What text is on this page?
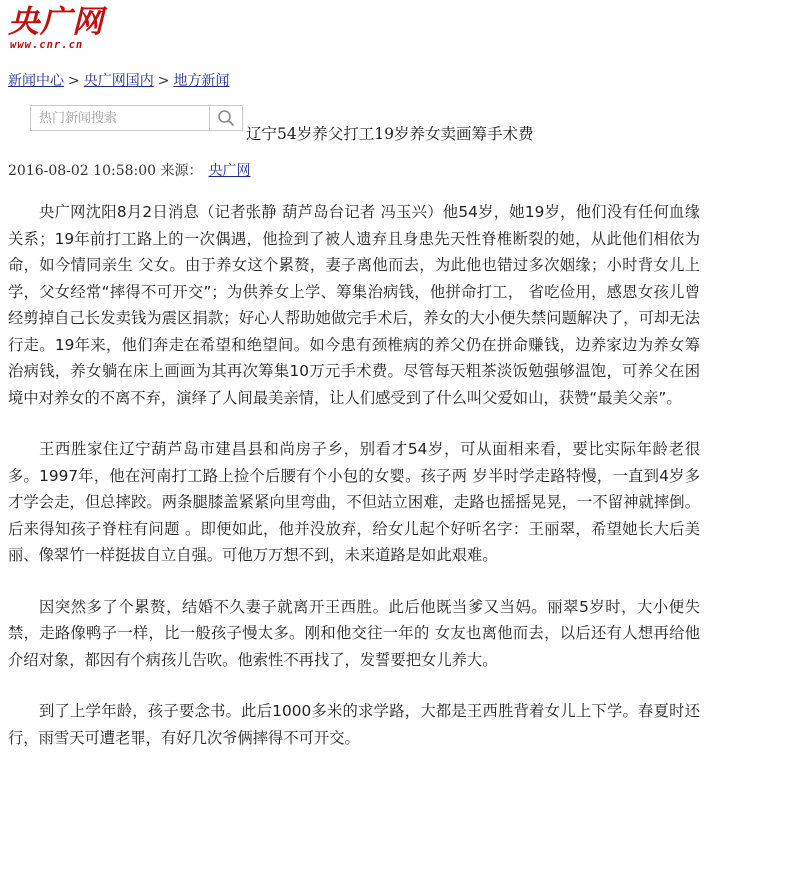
央广网
www.cnr.cn
新闻中心 > 央广网国内 > 地方新闻
热门新闻搜索
辽宁54岁养父打工19岁养女卖画筹手术费
2016-08-02 10:58:00 来源： 央广网

央广网沈阳8月2日消息（记者张静 葫芦岛台记者 冯玉兴）他54岁，她19岁，他们没有任何血缘关系；19年前打工路上的一次偶遇，他捡到了被人遗弃且身患先天性脊椎断裂的她，从此他们相依为命，如今情同亲生 父女。由于养女这个累赘，妻子离他而去，为此他也错过多次姻缘；小时背女儿上学，父女经常“摔得不可开交”；为供养女上学、筹集治病钱，他拼命打工， 省吃俭用，感恩女孩儿曾经剪掉自己长发卖钱为震区捐款；好心人帮助她做完手术后，养女的大小便失禁问题解决了，可却无法行走。19年来，他们奔走在希望和绝望间。如今患有颈椎病的养父仍在拼命赚钱，边养家边为养女筹治病钱，养女躺在床上画画为其再次筹集10万元手术费。尽管每天粗茶淡饭勉强够温饱，可养父在困境中对养女的不离不弃，演绎了人间最美亲情，让人们感受到了什么叫父爱如山，获赞“最美父亲”。

王西胜家住辽宁葫芦岛市建昌县和尚房子乡，别看才54岁，可从面相来看，要比实际年龄老很多。1997年，他在河南打工路上捡个后腰有个小包的女婴。孩子两 岁半时学走路特慢，一直到4岁多才学会走，但总摔跤。两条腿膝盖紧紧向里弯曲，不但站立困难，走路也摇摇晃晃，一不留神就摔倒。后来得知孩子脊柱有问题 。即便如此，他并没放弃，给女儿起个好听名字：王丽翠，希望她长大后美丽、像翠竹一样挺拔自立自强。可他万万想不到，未来道路是如此艰难。

因突然多了个累赘，结婚不久妻子就离开王西胜。此后他既当爹又当妈。丽翠5岁时，大小便失禁，走路像鸭子一样，比一般孩子慢太多。刚和他交往一年的 女友也离他而去，以后还有人想再给他介绍对象，都因有个病孩儿告吹。他索性不再找了，发誓要把女儿养大。

到了上学年龄，孩子要念书。此后1000多米的求学路，大都是王西胜背着女儿上下学。春夏时还行，雨雪天可遭老罪，有好几次爷俩摔得不可开交。
